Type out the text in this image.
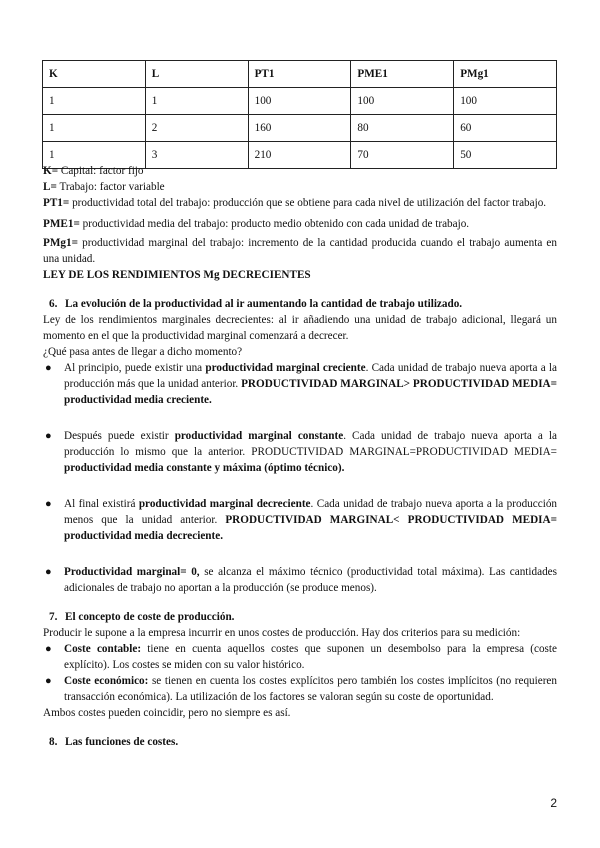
K	L	PT1	PME1	PMg1
1	1	100	100	100
1	2	160	80	60
1	3	210	70	50

K= Capital: factor fijo

L= Trabajo: factor variable

PT1= productividad total del trabajo: producción que se obtiene para cada nivel de utilización del factor trabajo.

PME1= productividad media del trabajo: producto medio obtenido con cada unidad de trabajo.

PMg1= productividad marginal del trabajo: incremento de la cantidad producida cuando el trabajo aumenta en una unidad.

LEY DE LOS RENDIMIENTOS Mg DECRECIENTES

6. La evolución de la productividad al ir aumentando la cantidad de trabajo utilizado.

Ley de los rendimientos marginales decrecientes: al ir añadiendo una unidad de trabajo adicional, llegará un momento en el que la productividad marginal comenzará a decrecer.

¿Qué pasa antes de llegar a dicho momento?

● Al principio, puede existir una productividad marginal creciente. Cada unidad de trabajo nueva aporta a la producción más que la unidad anterior. PRODUCTIVIDAD MARGINAL> PRODUCTIVIDAD MEDIA= productividad media creciente.
● Después puede existir productividad marginal constante. Cada unidad de trabajo nueva aporta a la producción lo mismo que la anterior. PRODUCTIVIDAD MARGINAL=PRODUCTIVIDAD MEDIA= productividad media constante y máxima (óptimo técnico).
● Al final existirá productividad marginal decreciente. Cada unidad de trabajo nueva aporta a la producción menos que la unidad anterior. PRODUCTIVIDAD MARGINAL< PRODUCTIVIDAD MEDIA= productividad media decreciente.
● Productividad marginal= 0, se alcanza el máximo técnico (productividad total máxima). Las cantidades adicionales de trabajo no aportan a la producción (se produce menos).

7. El concepto de coste de producción.

Producir le supone a la empresa incurrir en unos costes de producción. Hay dos criterios para su medición:

● Coste contable: tiene en cuenta aquellos costes que suponen un desembolso para la empresa (coste explícito). Los costes se miden con su valor histórico.
● Coste económico: se tienen en cuenta los costes explícitos pero también los costes implícitos (no requieren transacción económica). La utilización de los factores se valoran según su coste de oportunidad.

Ambos costes pueden coincidir, pero no siempre es así.

8. Las funciones de costes.

2
